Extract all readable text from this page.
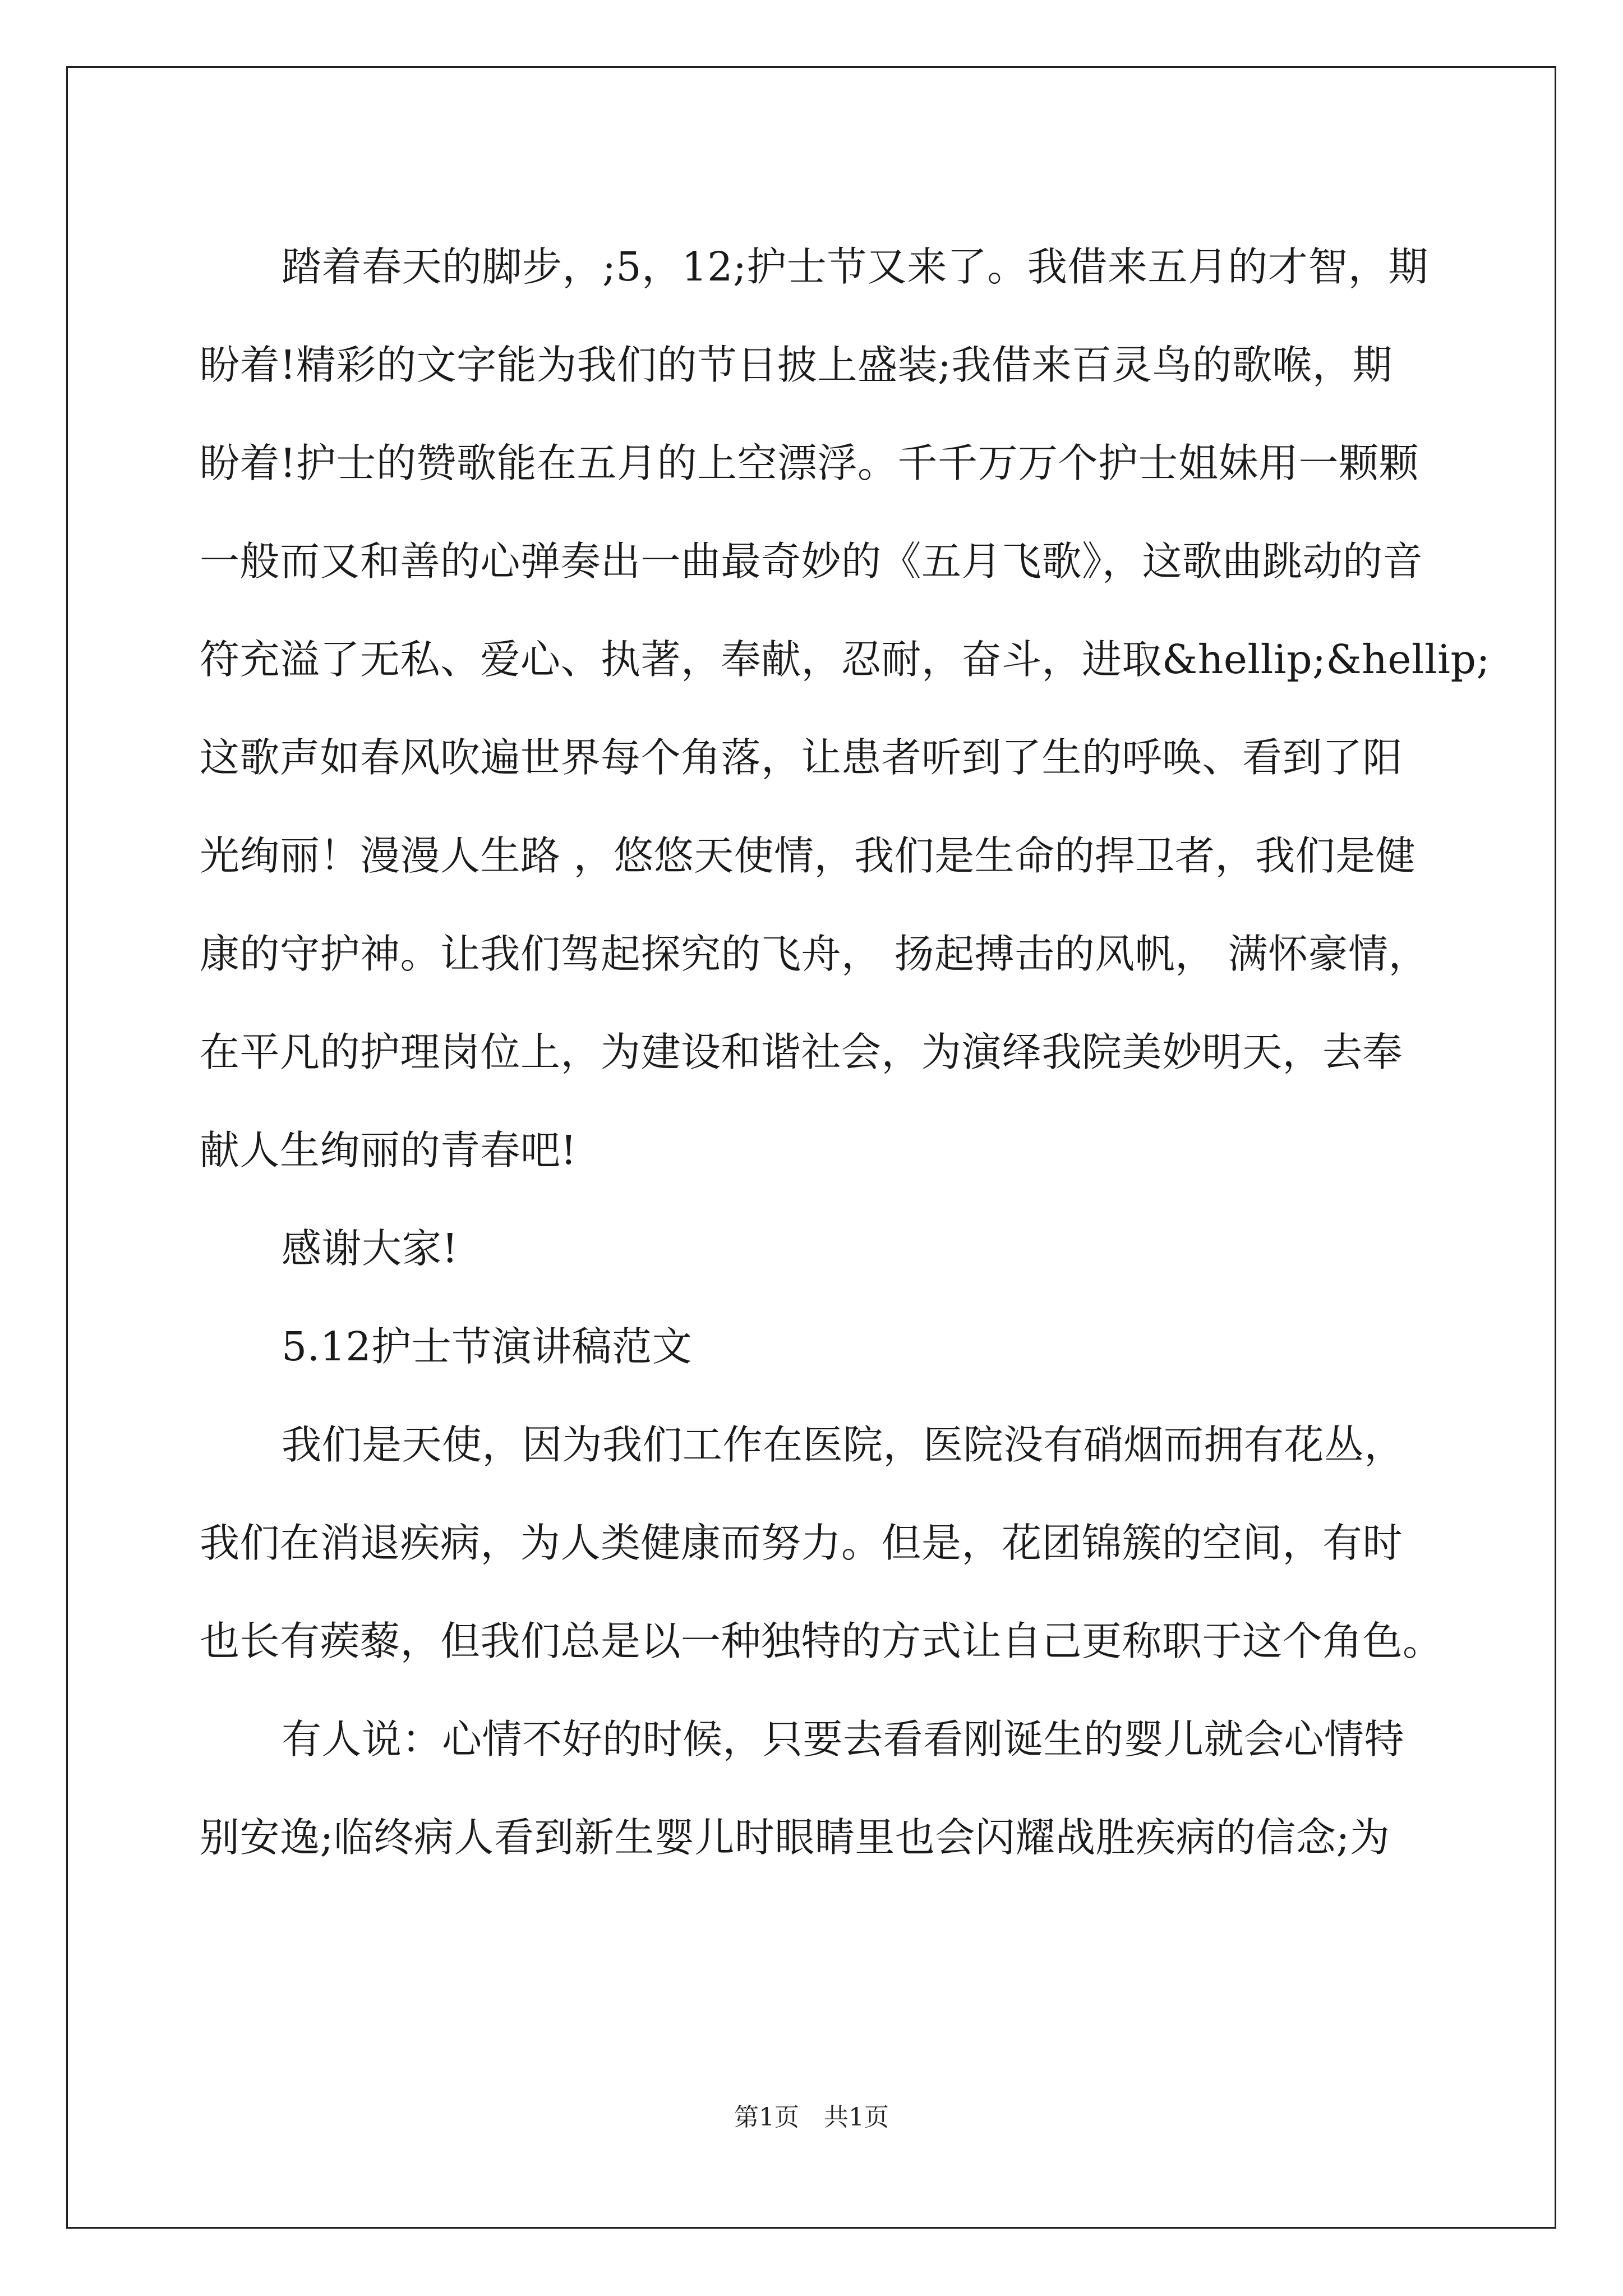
踏着春天的脚步，;5，12;护士节又来了。我借来五月的才智，期
盼着!精彩的文字能为我们的节日披上盛装;我借来百灵鸟的歌喉，期
盼着!护士的赞歌能在五月的上空漂浮。千千万万个护士姐妹用一颗颗
一般而又和善的心弹奏出一曲最奇妙的《五月飞歌》，这歌曲跳动的音
符充溢了无私、爱心、执著，奉献，忍耐，奋斗，进取&hellip;&hellip;
这歌声如春风吹遍世界每个角落，让患者听到了生的呼唤、看到了阳
光绚丽！漫漫人生路 ，悠悠天使情，我们是生命的捍卫者，我们是健
康的守护神。让我们驾起探究的飞舟， 扬起搏击的风帆， 满怀豪情，
在平凡的护理岗位上，为建设和谐社会，为演绎我院美妙明天，去奉
献人生绚丽的青春吧!
感谢大家!
5.12护士节演讲稿范文
我们是天使，因为我们工作在医院，医院没有硝烟而拥有花丛，
我们在消退疾病，为人类健康而努力。但是，花团锦簇的空间，有时
也长有蒺藜，但我们总是以一种独特的方式让自己更称职于这个角色。
有人说：心情不好的时候，只要去看看刚诞生的婴儿就会心情特
别安逸;临终病人看到新生婴儿时眼睛里也会闪耀战胜疾病的信念;为
第1页　共1页
